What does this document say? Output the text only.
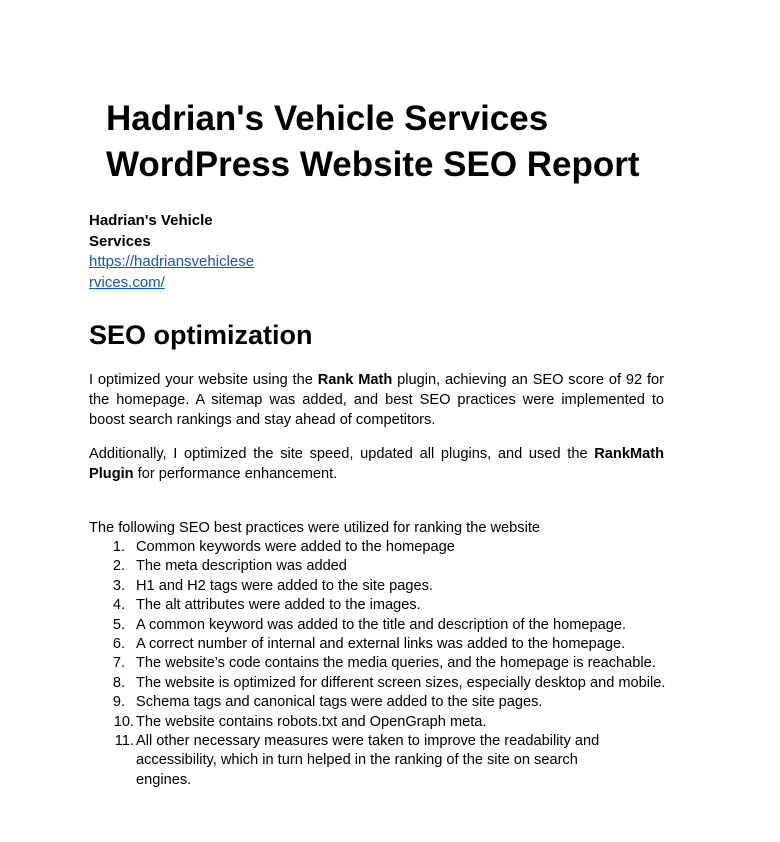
Hadrian's Vehicle Services
WordPress Website SEO Report
Hadrian's Vehicle
Services
https://hadriansvehiclese
rvices.com/
SEO optimization

I optimized your website using the Rank Math plugin, achieving an SEO score of 92 for
the homepage. A sitemap was added, and best SEO practices were implemented to
boost search rankings and stay ahead of competitors.

Additionally, I optimized the site speed, updated all plugins, and used the RankMath
Plugin for performance enhancement.

The following SEO best practices were utilized for ranking the website

1. Common keywords were added to the homepage
2. The meta description was added
3. H1 and H2 tags were added to the site pages.
4. The alt attributes were added to the images.
5. A common keyword was added to the title and description of the homepage.
6. A correct number of internal and external links was added to the homepage.
7. The website’s code contains the media queries, and the homepage is reachable.
8. The website is optimized for different screen sizes, especially desktop and mobile.
9. Schema tags and canonical tags were added to the site pages.
10. The website contains robots.txt and OpenGraph meta.
11. All other necessary measures were taken to improve the readability and
accessibility, which in turn helped in the ranking of the site on search
engines.
